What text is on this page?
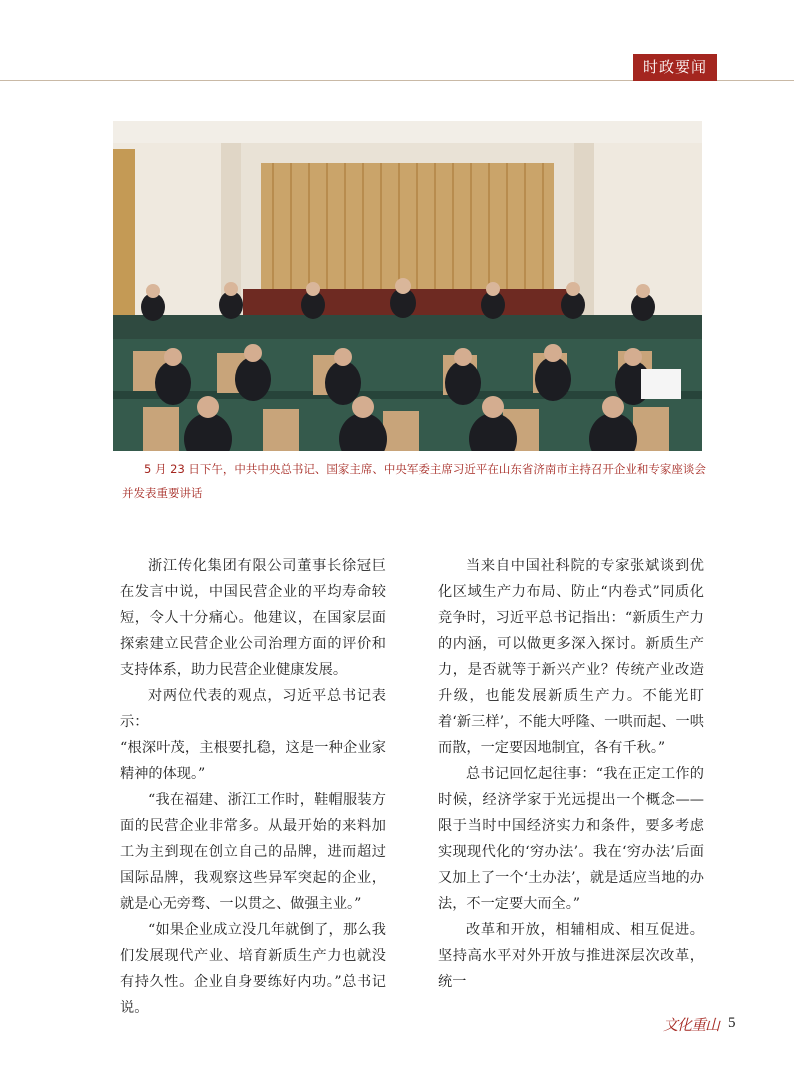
时政要闻
5 月 23 日下午，中共中央总书记、国家主席、中央军委主席习近平在山东省济南市主持召开企业和专家座谈会并发表重要讲话

浙江传化集团有限公司董事长徐冠巨在发言中说，中国民营企业的平均寿命较短，令人十分痛心。他建议，在国家层面探索建立民营企业公司治理方面的评价和支持体系，助力民营企业健康发展。

对两位代表的观点，习近平总书记表示：

“根深叶茂，主根要扎稳，这是一种企业家精神的体现。”

“我在福建、浙江工作时，鞋帽服装方面的民营企业非常多。从最开始的来料加工为主到现在创立自己的品牌，进而超过国际品牌，我观察这些异军突起的企业，就是心无旁骛、一以贯之、做强主业。”

“如果企业成立没几年就倒了，那么我们发展现代产业、培育新质生产力也就没有持久性。企业自身要练好内功。”总书记说。

当来自中国社科院的专家张斌谈到优化区域生产力布局、防止“内卷式”同质化竞争时，习近平总书记指出：“新质生产力的内涵，可以做更多深入探讨。新质生产力，是否就等于新兴产业？传统产业改造升级，也能发展新质生产力。不能光盯着‘新三样’，不能大呼隆、一哄而起、一哄而散，一定要因地制宜，各有千秋。”

总书记回忆起往事：“我在正定工作的时候，经济学家于光远提出一个概念——限于当时中国经济实力和条件，要多考虑实现现代化的‘穷办法’。我在‘穷办法’后面又加上了一个‘土办法’，就是适应当地的办法，不一定要大而全。”

改革和开放，相辅相成、相互促进。坚持高水平对外开放与推进深层次改革，统一

文化重山 5
